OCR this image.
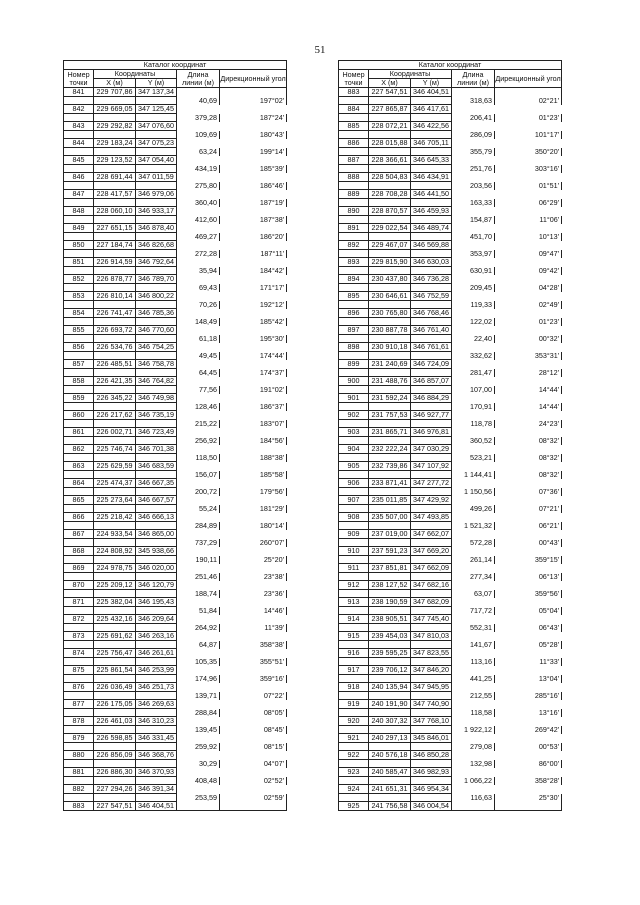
51
Каталог координат				
Номер точки	Координаты		Длина линии (м)	Дирекционный угол
	X (м)	Y (м)		
841	229 707,86	347 137,34		
			40,69	197°02'
842	229 669,05	347 125,45		
			379,28	187°24'
843	229 292,82	347 076,60		
			109,69	180°43'
844	229 183,24	347 075,23		
			63,24	199°14'
845	229 123,52	347 054,40		
			434,19	185°39'
846	228 691,44	347 011,59		
			275,80	186°46'
847	228 417,57	346 979,06		
			360,40	187°19'
848	228 060,10	346 933,17		
			412,60	187°38'
849	227 651,15	346 878,40		
			469,27	186°20'
850	227 184,74	346 826,68		
			272,28	187°11'
851	226 914,59	346 792,64		
			35,94	184°42'
852	226 878,77	346 789,70		
			69,43	171°17'
853	226 810,14	346 800,22		
			70,26	192°12'
854	226 741,47	346 785,36		
			148,49	185°42'
855	226 693,72	346 770,60		
			61,18	195°30'
856	226 534,76	346 754,25		
			49,45	174°44'
857	226 485,51	346 758,78		
			64,45	174°37'
858	226 421,35	346 764,82		
			77,56	191°02'
859	226 345,22	346 749,98		
			128,46	186°37'
860	226 217,62	346 735,19		
			215,22	183°07'
861	226 002,71	346 723,49		
			256,92	184°56'
862	225 746,74	346 701,38		
			118,50	188°38'
863	225 629,59	346 683,59		
			156,07	185°58'
864	225 474,37	346 667,35		
			200,72	179°56'
865	225 273,64	346 667,57		
			55,24	181°29'
866	225 218,42	346 666,13		
			284,89	180°14'
867	224 933,54	346 865,00		
			737,29	260°07'
868	224 808,92	345 938,66		
			190,11	25°20'
869	224 978,75	346 020,00		
			251,46	23°38'
870	225 209,12	346 120,79		
			188,74	23°36'
871	225 382,04	346 195,43		
			51,84	14°46'
872	225 432,16	346 209,64		
			264,92	11°39'
873	225 691,62	346 263,16		
			64,87	358°38'
874	225 756,47	346 261,61		
			105,35	355°51'
875	225 861,54	346 253,99		
			174,96	359°16'
876	226 036,49	346 251,73		
			139,71	07°22'
877	226 175,05	346 269,63		
			288,84	08°05'
878	226 461,03	346 310,23		
			139,45	08°45'
879	226 598,85	346 331,45		
			259,92	08°15'
880	226 856,09	346 368,76		
			30,29	04°07'
881	226 886,30	346 370,93		
			408,48	02°52'
882	227 294,26	346 391,34		
			253,59	02°59'
883	227 547,51	346 404,51		
Каталог координат				
Номер точки	Координаты		Длина линии (м)	Дирекционный угол
	X (м)	Y (м)		
883	227 547,51	346 404,51		
			318,63	02°21'
884	227 865,87	346 417,61		
			206,41	01°23'
885	228 072,21	346 422,56		
			286,09	101°17'
886	228 015,88	346 705,11		
			355,79	350°20'
887	228 366,61	346 645,33		
			251,76	303°16'
888	228 504,83	346 434,91		
			203,56	01°51'
889	228 708,28	346 441,50		
			163,33	06°29'
890	228 870,57	346 459,93		
			154,87	11°06'
891	229 022,54	346 489,74		
			451,70	10°13'
892	229 467,07	346 569,88		
			353,97	09°47'
893	229 815,90	346 630,03		
			630,91	09°42'
894	230 437,80	346 736,28		
			209,45	04°28'
895	230 646,61	346 752,59		
			119,33	02°49'
896	230 765,80	346 768,46		
			122,02	01°23'
897	230 887,78	346 761,40		
			22,40	00°32'
898	230 910,18	346 761,61		
			332,62	353°31'
899	231 240,69	346 724,09		
			281,47	28°12'
900	231 488,76	346 857,07		
			107,00	14°44'
901	231 592,24	346 884,29		
			170,91	14°44'
902	231 757,53	346 927,77		
			118,78	24°23'
903	231 865,71	346 976,81		
			360,52	08°32'
904	232 222,24	347 030,29		
			523,21	08°32'
905	232 739,86	347 107,92		
			1 144,41	08°32'
906	233 871,41	347 277,72		
			1 150,56	07°36'
907	235 011,85	347 429,92		
			499,26	07°21'
908	235 507,00	347 493,85		
			1 521,32	06°21'
909	237 019,00	347 662,07		
			572,28	00°43'
910	237 591,23	347 669,20		
			261,14	359°15'
911	237 851,81	347 662,09		
			277,34	06°13'
912	238 127,52	347 682,16		
			63,07	359°56'
913	238 190,59	347 682,09		
			717,72	05°04'
914	238 905,51	347 745,40		
			552,31	06°43'
915	239 454,03	347 810,03		
			141,67	05°28'
916	239 595,25	347 823,55		
			113,16	11°33'
917	239 706,12	347 846,20		
			441,25	13°04'
918	240 135,94	347 945,95		
			212,55	285°16'
919	240 191,90	347 740,90		
			118,58	13°16'
920	240 307,32	347 768,10		
			1 922,12	269°42'
921	240 297,13	345 846,01		
			279,08	00°53'
922	240 576,18	346 850,28		
			132,98	86°00'
923	240 585,47	346 982,93		
			1 066,22	358°28'
924	241 651,31	346 954,34		
			116,63	25°30'
925	241 756,58	346 004,54		
